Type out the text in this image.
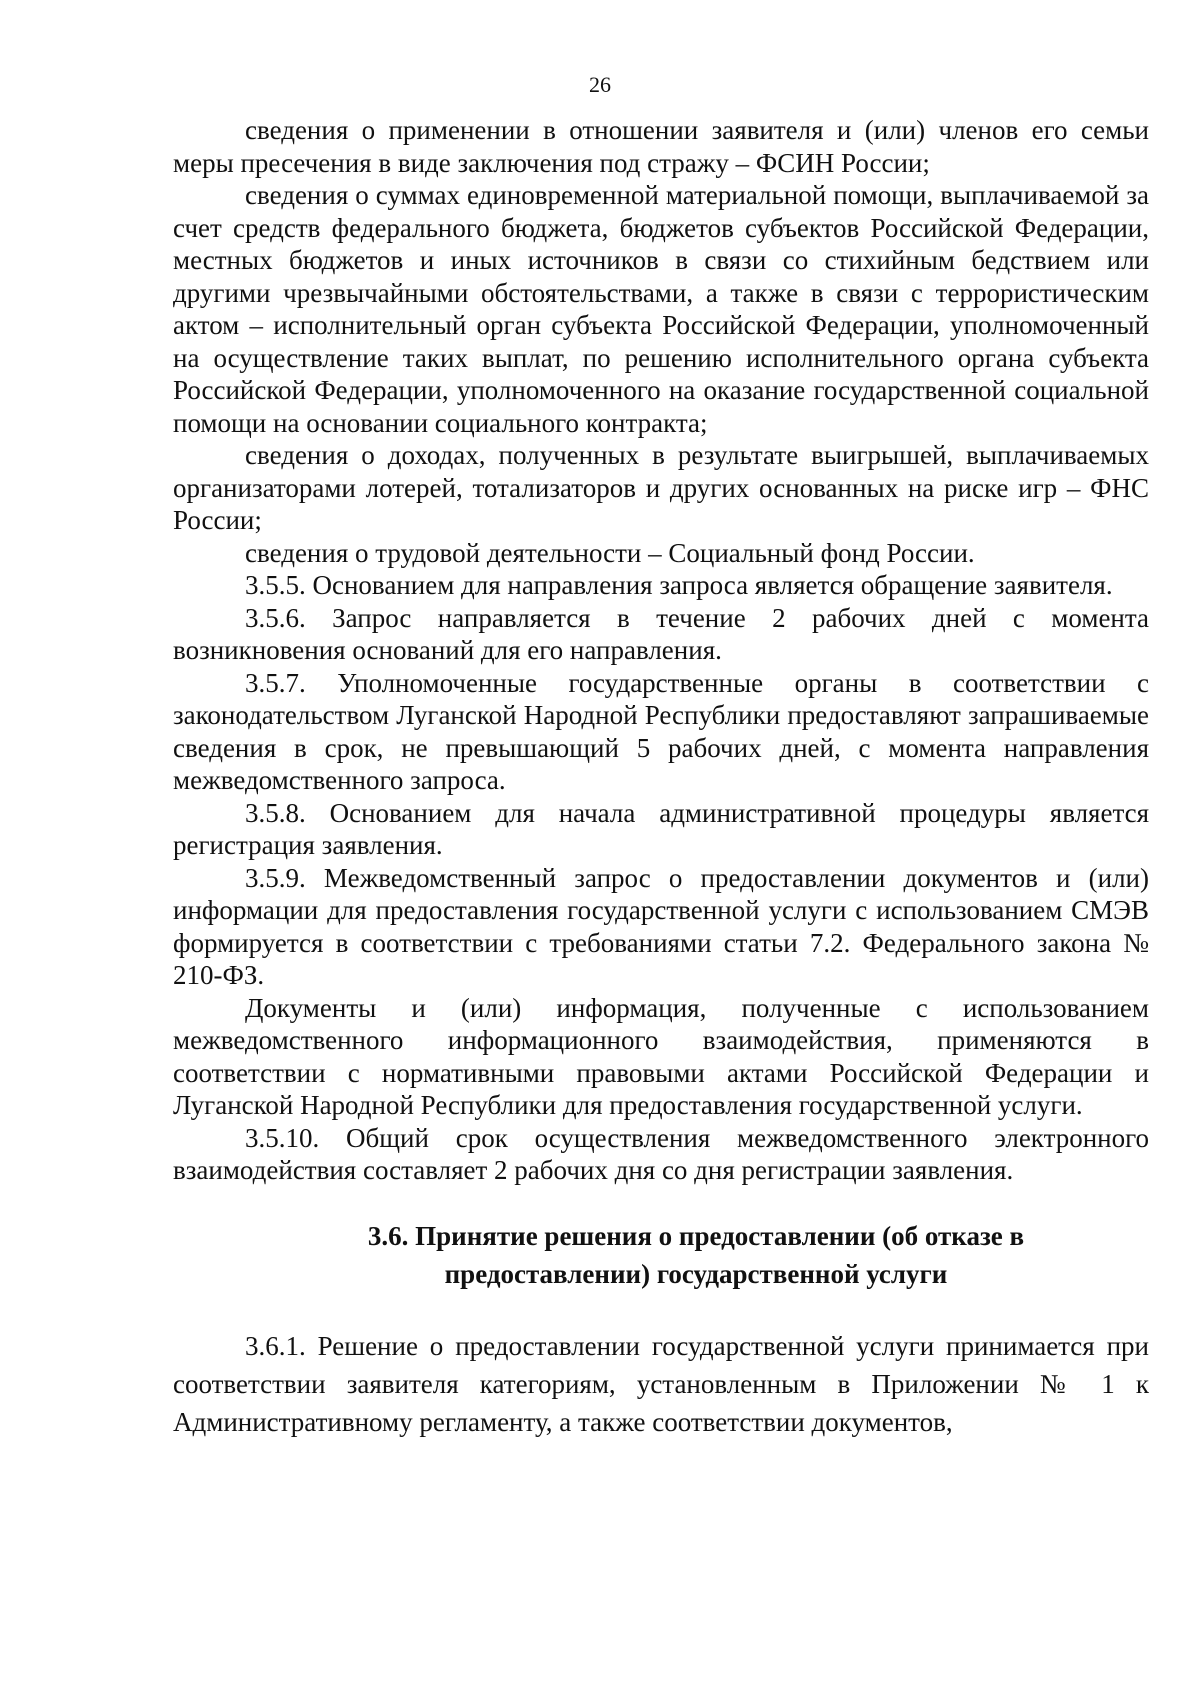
26

сведения о применении в отношении заявителя и (или) членов его семьи меры пресечения в виде заключения под стражу – ФСИН России;

сведения о суммах единовременной материальной помощи, выплачиваемой за счет средств федерального бюджета, бюджетов субъектов Российской Федерации, местных бюджетов и иных источников в связи со стихийным бедствием или другими чрезвычайными обстоятельствами, а также в связи с террористическим актом – исполнительный орган субъекта Российской Федерации, уполномоченный на осуществление таких выплат, по решению исполнительного органа субъекта Российской Федерации, уполномоченного на оказание государственной социальной помощи на основании социального контракта;

сведения о доходах, полученных в результате выигрышей, выплачиваемых организаторами лотерей, тотализаторов и других основанных на риске игр – ФНС России;

сведения о трудовой деятельности – Социальный фонд России.

3.5.5. Основанием для направления запроса является обращение заявителя.

3.5.6. Запрос направляется в течение 2 рабочих дней с момента возникновения оснований для его направления.

3.5.7. Уполномоченные государственные органы в соответствии с законодательством Луганской Народной Республики предоставляют запрашиваемые сведения в срок, не превышающий 5 рабочих дней, с момента направления межведомственного запроса.

3.5.8. Основанием для начала административной процедуры является регистрация заявления.

3.5.9. Межведомственный запрос о предоставлении документов и (или) информации для предоставления государственной услуги с использованием СМЭВ формируется в соответствии с требованиями статьи 7.2. Федерального закона № 210-ФЗ.

Документы и (или) информация, полученные с использованием межведомственного информационного взаимодействия, применяются в соответствии с нормативными правовыми актами Российской Федерации и Луганской Народной Республики для предоставления государственной услуги.

3.5.10. Общий срок осуществления межведомственного электронного взаимодействия составляет 2 рабочих дня со дня регистрации заявления.

3.6. Принятие решения о предоставлении (об отказе в
предоставлении) государственной услуги

3.6.1. Решение о предоставлении государственной услуги принимается при соответствии заявителя категориям, установленным в Приложении № 1 к Административному регламенту, а также соответствии документов,
